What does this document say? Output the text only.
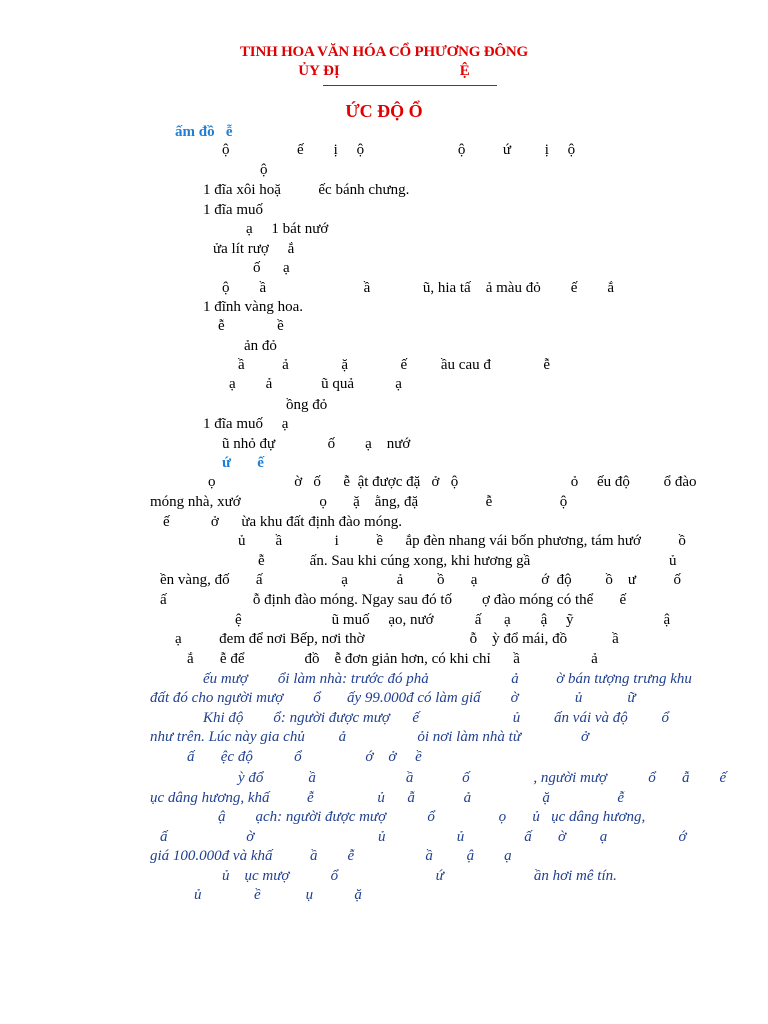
TINH HOA VĂN HÓA CỔ PHƯƠNG ĐÔNG
ỦY ĐỊ	Ệ
ỨC ĐỘ Ổ
ấm đồ   ễ
ộ                  ế        ị     ộ                         ộ          ứ         ị     ộ
ộ
1 đĩa xôi hoặ          ếc bánh chưng.
1 đĩa muố
ạ     1 bát nướ
ửa lít rượ     ắ
ố      ạ
ộ        ầ                          ầ              ũ, hia tấ    ả màu đỏ        ế        ắ
1 đĩnh vàng hoa.
ễ              ề
ản đỏ
ầ          ả              ặ              ế         ầu cau đ              ễ
ạ        ả             ũ quả           ạ
ồng đỏ
1 đĩa muố     ạ
ũ nhỏ đự              ố        ạ    nướ
ứ       ế
ọ                     ờ   ố      ễ  ật được đặ   ở   ộ                              ỏ     ếu độ         ổ đào
móng nhà, xướ                     ọ       ặ    ằng, đặ                  ễ                  ộ
ế           ở      ừa khu đất định đào móng.
ủ        ầ              i          ề      ắp đèn nhang vái bốn phương, tám hướ          ồ
ễ            ấn. Sau khi cúng xong, khi hương gầ                                     ủ
ền vàng, đố       ấ                     ạ             ả         ồ       ạ                 ớ  độ         ồ    ư          ố
ấ                       ỗ định đào móng. Ngay sau đó tố        ợ đào móng có thể       ế
ệ                        ũ muố     ạo, nướ           ấ      ạ        ậ     ỹ                        ậ
ạ          đem để nơi Bếp, nơi thờ                            ỗ    ỳ đổ mái, đồ            ầ
ắ       ễ để                đồ    ễ đơn giản hơn, có khi chỉ      ầ                   ả
ếu mượ        ổi làm nhà: trước đó phả                      ả          ờ bán tượng trưng khu
đất đó cho người mượ        ổ       ấy 99.000đ có làm giấ        ờ               ủ            ữ
Khi độ        ổ: người được mượ      ế                         ủ         ấn vái và độ         ổ
như trên. Lúc này gia chủ         ả                   ỏi nơi làm nhà từ                ở
ấ       ệc độ           ổ                 ớ    ở     ề
ỳ đổ            ầ                        ầ             ố                 , người mượ           ổ       ẫ        ế
ục dâng hương, khấ          ễ                 ủ      ẫ             ả                   ặ                  ễ
ậ        ạch: người được mượ           ổ                 ọ       ủ   ục dâng hương,
ấ                     ờ                                 ủ                   ủ                ấ       ờ         ạ                   ớ
giá 100.000đ và khấ          ầ        ễ                   ầ         ậ        ạ
ủ    ục mượ           ổ                          ứ                        ần hơi mê tín.
ủ              ề            ụ           ặ
